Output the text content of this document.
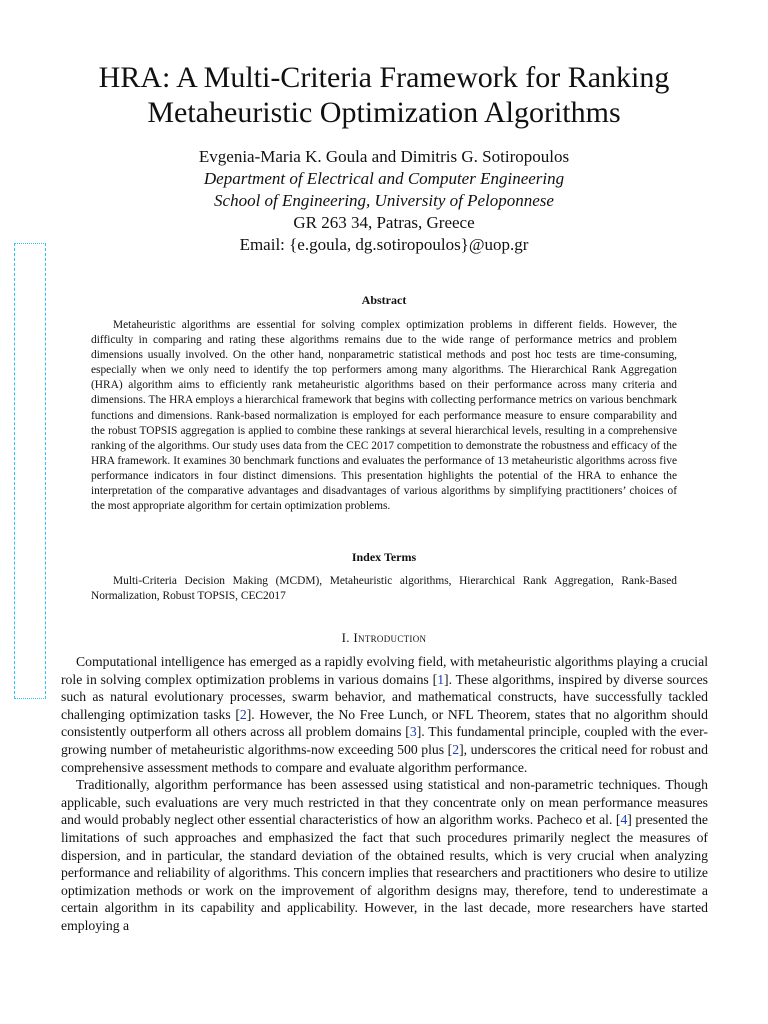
HRA: A Multi-Criteria Framework for Ranking
Metaheuristic Optimization Algorithms
Evgenia-Maria K. Goula and Dimitris G. Sotiropoulos
Department of Electrical and Computer Engineering
School of Engineering, University of Peloponnese
GR 263 34, Patras, Greece
Email: {e.goula, dg.sotiropoulos}@uop.gr
Abstract

Metaheuristic algorithms are essential for solving complex optimization problems in different fields. However, the difficulty in comparing and rating these algorithms remains due to the wide range of performance metrics and problem dimensions usually involved. On the other hand, nonparametric statistical methods and post hoc tests are time-consuming, especially when we only need to identify the top performers among many algorithms. The Hierarchical Rank Aggregation (HRA) algorithm aims to efficiently rank metaheuristic algorithms based on their performance across many criteria and dimensions. The HRA employs a hierarchical framework that begins with collecting performance metrics on various benchmark functions and dimensions. Rank-based normalization is employed for each performance measure to ensure comparability and the robust TOPSIS aggregation is applied to combine these rankings at several hierarchical levels, resulting in a comprehensive ranking of the algorithms. Our study uses data from the CEC 2017 competition to demonstrate the robustness and efficacy of the HRA framework. It examines 30 benchmark functions and evaluates the performance of 13 metaheuristic algorithms across five performance indicators in four distinct dimensions. This presentation highlights the potential of the HRA to enhance the interpretation of the comparative advantages and disadvantages of various algorithms by simplifying practitioners’ choices of the most appropriate algorithm for certain optimization problems.

Index Terms

Multi-Criteria Decision Making (MCDM), Metaheuristic algorithms, Hierarchical Rank Aggregation, Rank-Based Normalization, Robust TOPSIS, CEC2017

I. Introduction

Computational intelligence has emerged as a rapidly evolving field, with metaheuristic algorithms playing a crucial role in solving complex optimization problems in various domains [1]. These algorithms, inspired by diverse sources such as natural evolutionary processes, swarm behavior, and mathematical constructs, have successfully tackled challenging optimization tasks [2]. However, the No Free Lunch, or NFL Theorem, states that no algorithm should consistently outperform all others across all problem domains [3]. This fundamental principle, coupled with the ever-growing number of metaheuristic algorithms-now exceeding 500 plus [2], underscores the critical need for robust and comprehensive assessment methods to compare and evaluate algorithm performance.

Traditionally, algorithm performance has been assessed using statistical and non-parametric techniques. Though applicable, such evaluations are very much restricted in that they concentrate only on mean performance measures and would probably neglect other essential characteristics of how an algorithm works. Pacheco et al. [4] presented the limitations of such approaches and emphasized the fact that such procedures primarily neglect the measures of dispersion, and in particular, the standard deviation of the obtained results, which is very crucial when analyzing performance and reliability of algorithms. This concern implies that researchers and practitioners who desire to utilize optimization methods or work on the improvement of algorithm designs may, therefore, tend to underestimate a certain algorithm in its capability and applicability. However, in the last decade, more researchers have started employing a
